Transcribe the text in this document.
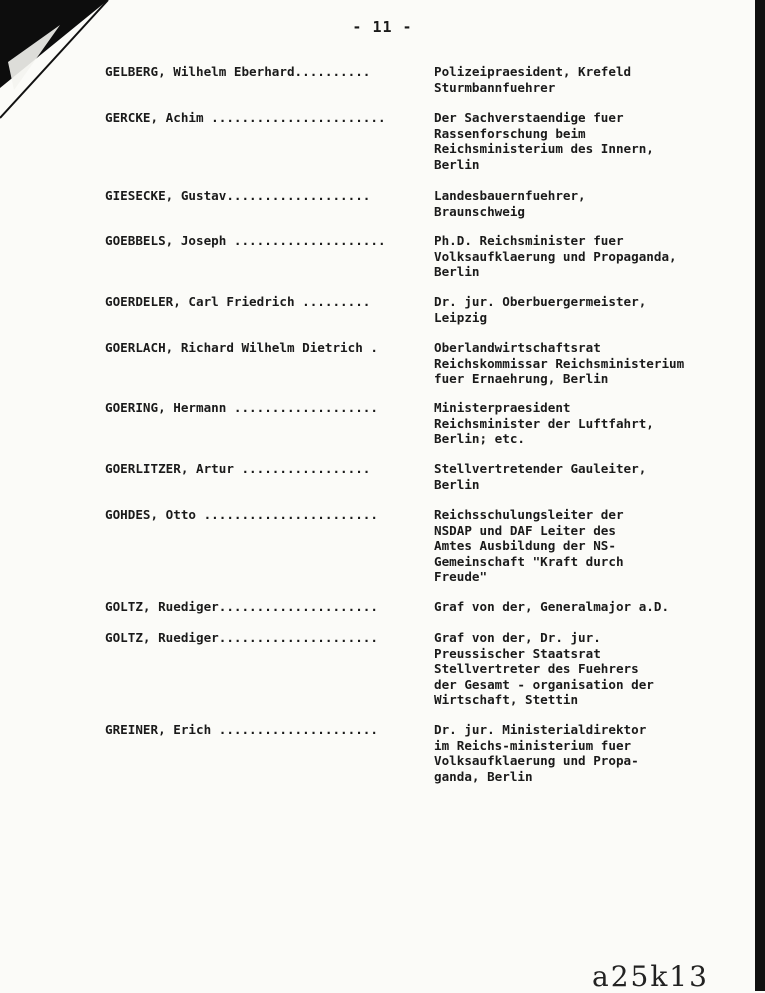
- 11 -
GELBERG, Wilhelm Eberhard..........	Polizeipraesident, Krefeld
Sturmbannfuehrer
GERCKE, Achim .......................	Der Sachverstaendige fuer
Rassenforschung beim
Reichsministerium des Innern,
Berlin
GIESECKE, Gustav...................	Landesbauernfuehrer,
Braunschweig
GOEBBELS, Joseph ....................	Ph.D. Reichsminister fuer
Volksaufklaerung und Propaganda,
Berlin
GOERDELER, Carl Friedrich .........	Dr. jur. Oberbuergermeister,
Leipzig
GOERLACH, Richard Wilhelm Dietrich .	Oberlandwirtschaftsrat
Reichskommissar Reichsministerium
fuer Ernaehrung, Berlin
GOERING, Hermann ...................	Ministerpraesident
Reichsminister der Luftfahrt,
Berlin; etc.
GOERLITZER, Artur .................	Stellvertretender Gauleiter,
Berlin
GOHDES, Otto .......................	Reichsschulungsleiter der
NSDAP und DAF Leiter des
Amtes Ausbildung der NS-
Gemeinschaft "Kraft durch
Freude"
GOLTZ, Ruediger.....................	Graf von der, Generalmajor a.D.
GOLTZ, Ruediger.....................	Graf von der, Dr. jur.
Preussischer Staatsrat
Stellvertreter des Fuehrers
der Gesamt - organisation der
Wirtschaft, Stettin
GREINER, Erich .....................	Dr. jur. Ministerialdirektor
im Reichs-ministerium fuer
Volksaufklaerung und Propa-
ganda, Berlin
a25k13
